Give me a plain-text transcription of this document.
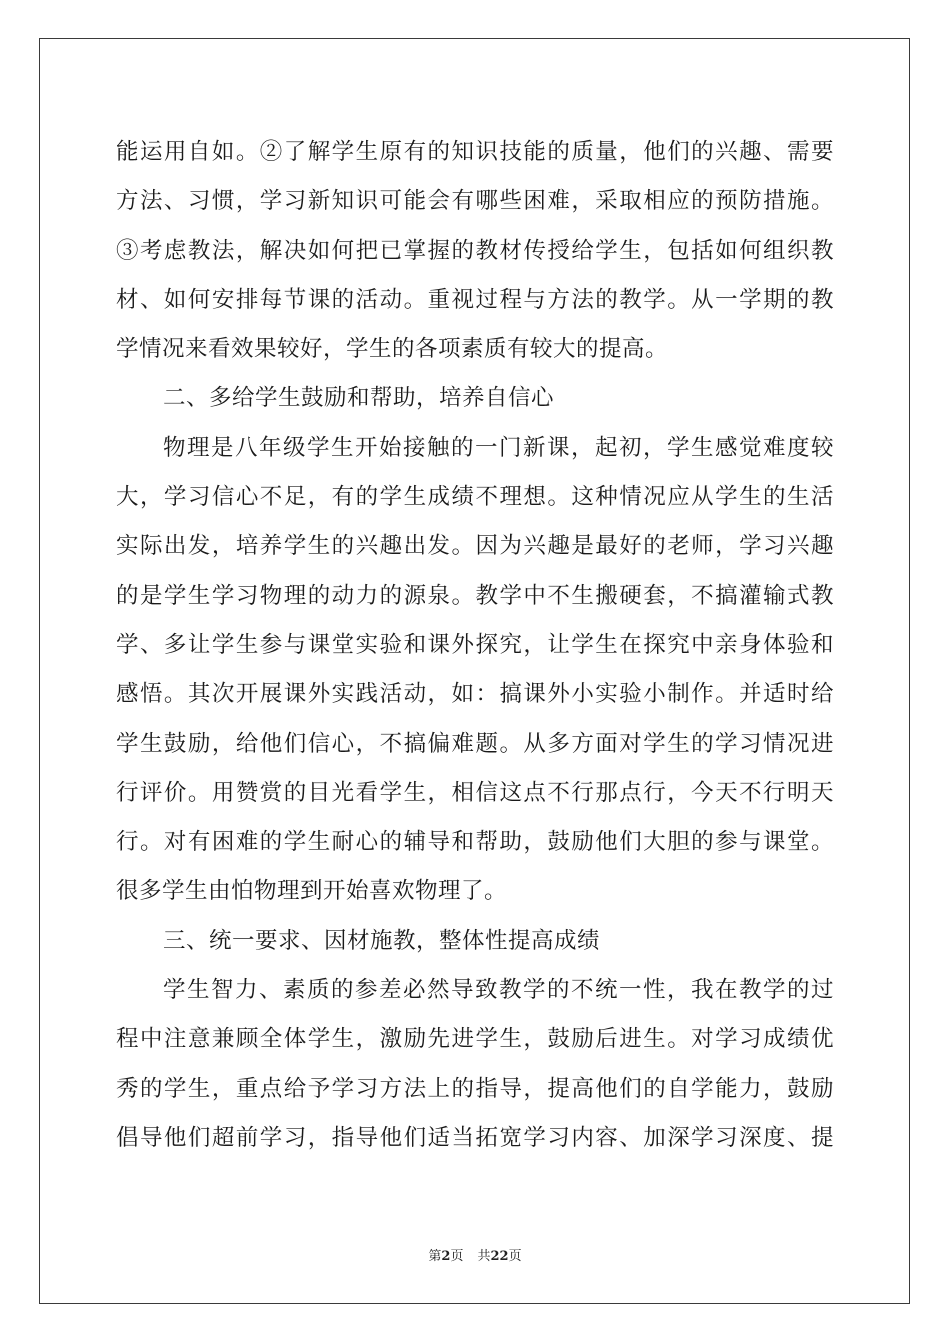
能运用自如。②了解学生原有的知识技能的质量，他们的兴趣、需要
方法、习惯，学习新知识可能会有哪些困难，采取相应的预防措施。
③考虑教法，解决如何把已掌握的教材传授给学生，包括如何组织教
材、如何安排每节课的活动。重视过程与方法的教学。从一学期的教
学情况来看效果较好，学生的各项素质有较大的提高。
二、多给学生鼓励和帮助，培养自信心
物理是八年级学生开始接触的一门新课，起初，学生感觉难度较
大，学习信心不足，有的学生成绩不理想。这种情况应从学生的生活
实际出发，培养学生的兴趣出发。因为兴趣是最好的老师，学习兴趣
的是学生学习物理的动力的源泉。教学中不生搬硬套，不搞灌输式教
学、多让学生参与课堂实验和课外探究，让学生在探究中亲身体验和
感悟。其次开展课外实践活动，如：搞课外小实验小制作。并适时给
学生鼓励，给他们信心，不搞偏难题。从多方面对学生的学习情况进
行评价。用赞赏的目光看学生，相信这点不行那点行，今天不行明天
行。对有困难的学生耐心的辅导和帮助，鼓励他们大胆的参与课堂。
很多学生由怕物理到开始喜欢物理了。
三、统一要求、因材施教，整体性提高成绩
学生智力、素质的参差必然导致教学的不统一性，我在教学的过
程中注意兼顾全体学生，激励先进学生，鼓励后进生。对学习成绩优
秀的学生，重点给予学习方法上的指导，提高他们的自学能力，鼓励
倡导他们超前学习，指导他们适当拓宽学习内容、加深学习深度、提
第2页 共22页
